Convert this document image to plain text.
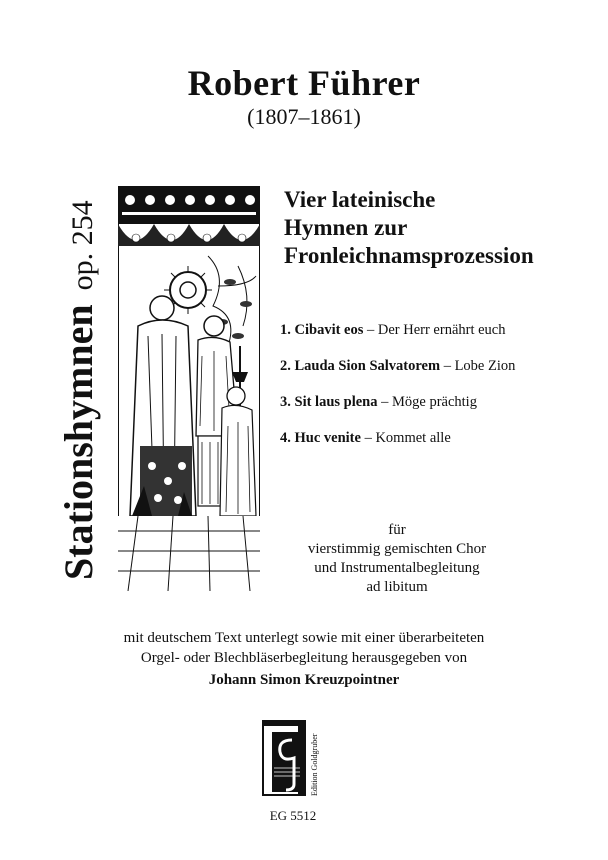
Robert Führer
(1807–1861)
Stationshymnenop. 254
Vier lateinische
Hymnen zur
Fronleichnamsprozession
1. Cibavit eos – Der Herr ernährt euch
2. Lauda Sion Salvatorem – Lobe Zion
3. Sit laus plena – Möge prächtig
4. Huc venite – Kommet alle
für
vierstimmig gemischten Chor
und Instrumentalbegleitung
ad libitum
mit deutschem Text unterlegt sowie mit einer überarbeiteten
Orgel- oder Blechbläserbegleitung herausgegeben von
Johann Simon Kreuzpointner
Edition Goldgruber
EG 5512
